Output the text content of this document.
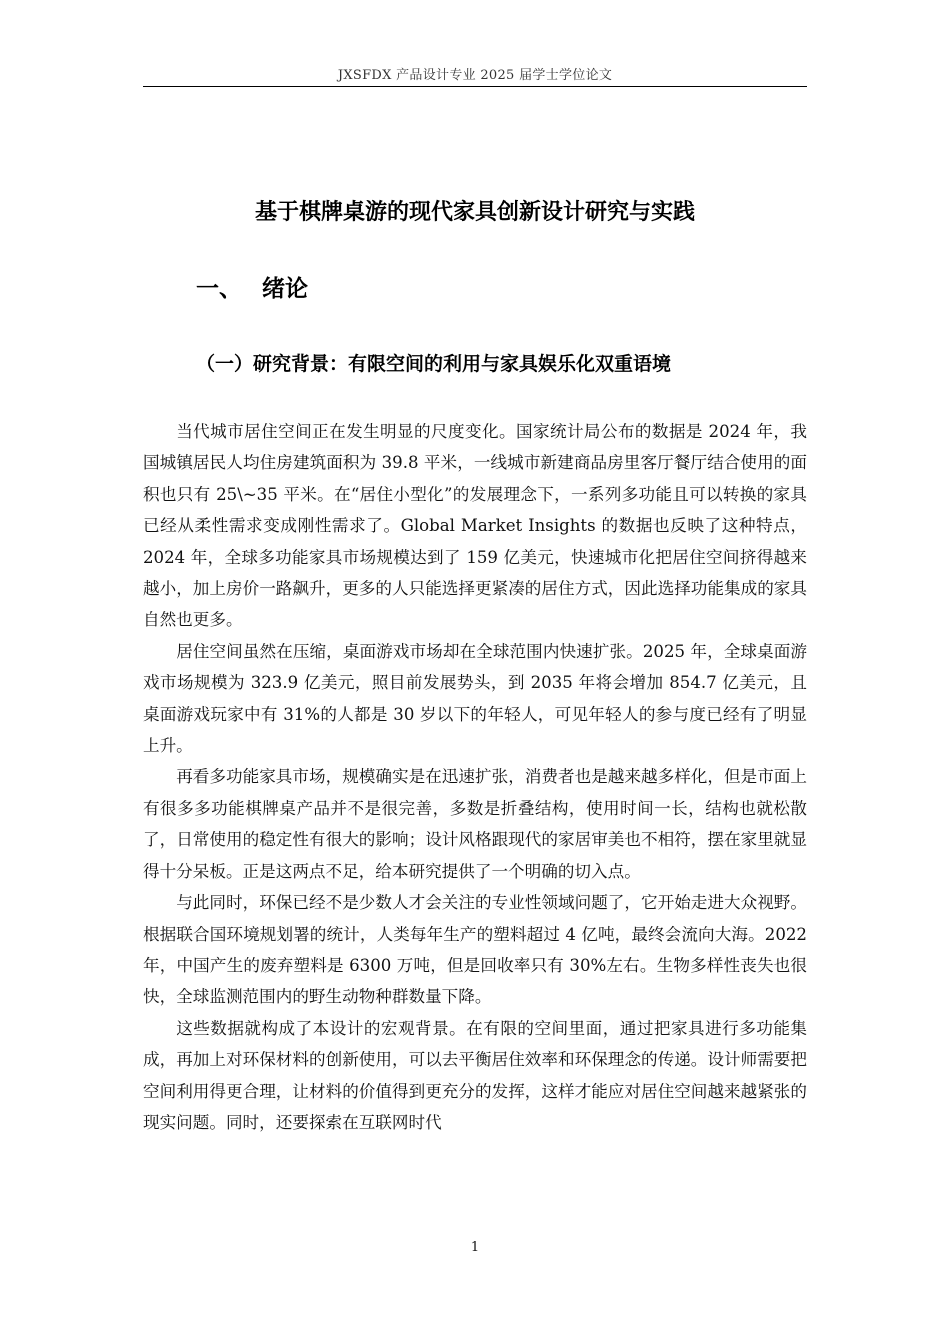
JXSFDX 产品设计专业 2025 届学士学位论文
基于棋牌桌游的现代家具创新设计研究与实践
一、 绪论
（一）研究背景：有限空间的利用与家具娱乐化双重语境

当代城市居住空间正在发生明显的尺度变化。国家统计局公布的数据是 2024 年，我国城镇居民人均住房建筑面积为 39.8 平米，一线城市新建商品房里客厅餐厅结合使用的面积也只有 25\~35 平米。在“居住小型化”的发展理念下，一系列多功能且可以转换的家具已经从柔性需求变成刚性需求了。Global Market Insights 的数据也反映了这种特点，2024 年，全球多功能家具市场规模达到了 159 亿美元，快速城市化把居住空间挤得越来越小，加上房价一路飙升，更多的人只能选择更紧凑的居住方式，因此选择功能集成的家具自然也更多。

居住空间虽然在压缩，桌面游戏市场却在全球范围内快速扩张。2025 年，全球桌面游戏市场规模为 323.9 亿美元，照目前发展势头，到 2035 年将会增加 854.7 亿美元，且桌面游戏玩家中有 31%的人都是 30 岁以下的年轻人，可见年轻人的参与度已经有了明显上升。

再看多功能家具市场，规模确实是在迅速扩张，消费者也是越来越多样化，但是市面上有很多多功能棋牌桌产品并不是很完善，多数是折叠结构，使用时间一长，结构也就松散了，日常使用的稳定性有很大的影响；设计风格跟现代的家居审美也不相符，摆在家里就显得十分呆板。正是这两点不足，给本研究提供了一个明确的切入点。

与此同时，环保已经不是少数人才会关注的专业性领域问题了，它开始走进大众视野。根据联合国环境规划署的统计，人类每年生产的塑料超过 4 亿吨，最终会流向大海。2022 年，中国产生的废弃塑料是 6300 万吨，但是回收率只有 30%左右。生物多样性丧失也很快，全球监测范围内的野生动物种群数量下降。

这些数据就构成了本设计的宏观背景。在有限的空间里面，通过把家具进行多功能集成，再加上对环保材料的创新使用，可以去平衡居住效率和环保理念的传递。设计师需要把空间利用得更合理，让材料的价值得到更充分的发挥，这样才能应对居住空间越来越紧张的现实问题。同时，还要探索在互联网时代

1
